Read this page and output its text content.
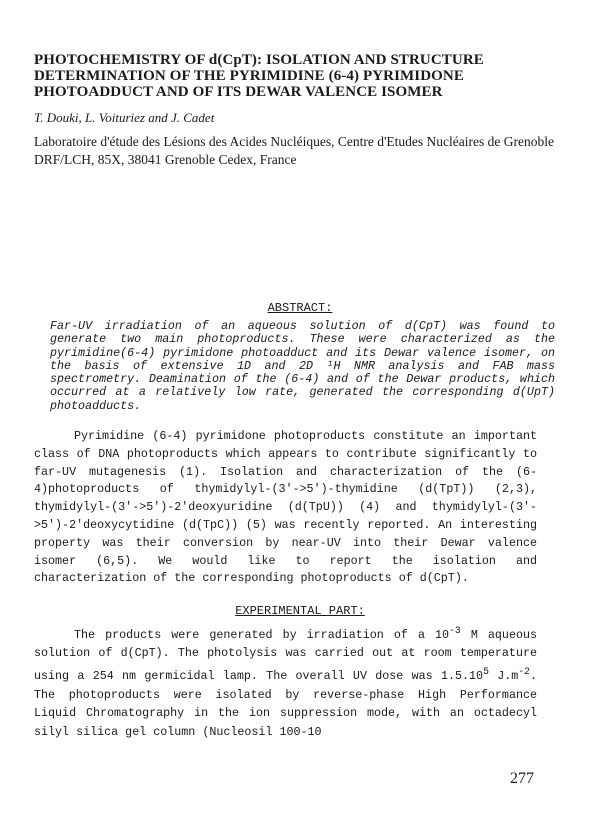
PHOTOCHEMISTRY OF d(CpT): ISOLATION AND STRUCTURE DETERMINATION OF THE PYRIMIDINE (6-4) PYRIMIDONE PHOTOADDUCT AND OF ITS DEWAR VALENCE ISOMER

T. Douki, L. Voituriez and J. Cadet

Laboratoire d'étude des Lésions des Acides Nucléiques, Centre d'Etudes Nucléaires de Grenoble DRF/LCH, 85X, 38041 Grenoble Cedex, France

ABSTRACT:

Far-UV irradiation of an aqueous solution of d(CpT) was found to generate two main photoproducts. These were characterized as the pyrimidine(6-4) pyrimidone photoadduct and its Dewar valence isomer, on the basis of extensive 1D and 2D ¹H NMR analysis and FAB mass spectrometry. Deamination of the (6-4) and of the Dewar products, which occurred at a relatively low rate, generated the corresponding d(UpT) photoadducts.

Pyrimidine (6-4) pyrimidone photoproducts constitute an important class of DNA photoproducts which appears to contribute significantly to far-UV mutagenesis (1). Isolation and characterization of the (6-4)photoproducts of thymidylyl-(3'->5')-thymidine (d(TpT)) (2,3), thymidylyl-(3'->5')-2'deoxyuridine (d(TpU)) (4) and thymidylyl-(3'->5')-2'deoxycytidine (d(TpC)) (5) was recently reported. An interesting property was their conversion by near-UV into their Dewar valence isomer (6,5). We would like to report the isolation and characterization of the corresponding photoproducts of d(CpT).

EXPERIMENTAL PART:

The products were generated by irradiation of a $10^{-3}$ M aqueous solution of d(CpT). The photolysis was carried out at room temperature using a 254 nm germicidal lamp. The overall UV dose was 1.5.10$^5$ $J.m^{-2}$. The photoproducts were isolated by reverse-phase High Performance Liquid Chromatography in the ion suppression mode, with an octadecyl silyl silica gel column (Nucleosil 100-10

277
